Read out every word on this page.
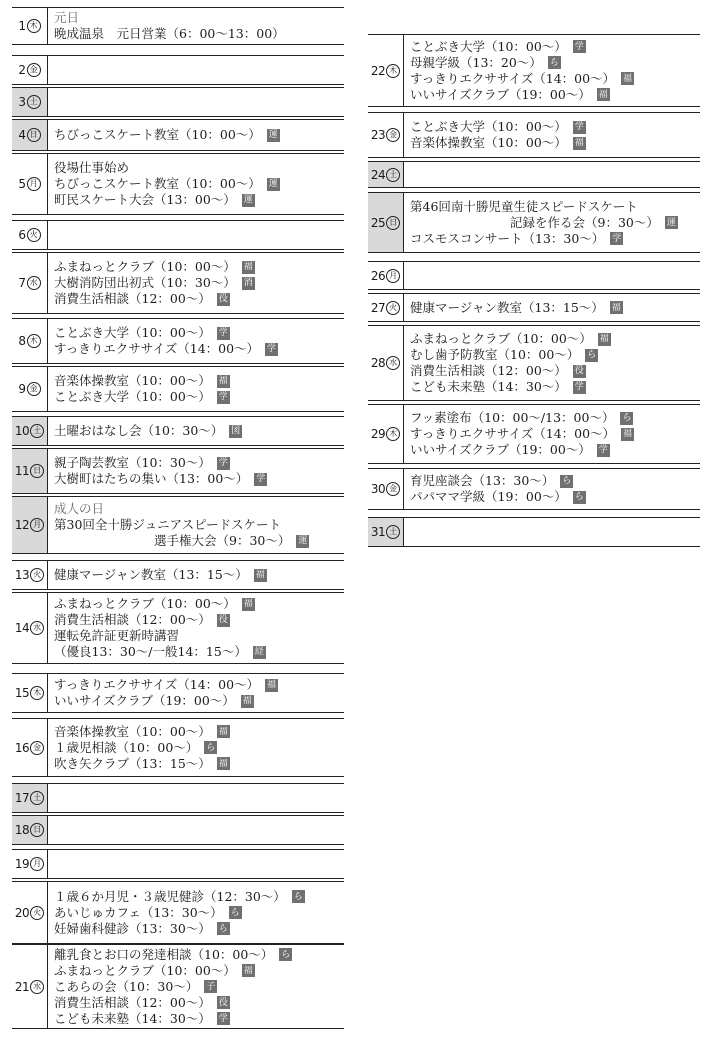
1 木
元日
晩成温泉　元日営業（6：00～13：00）
2 金
3 土
4 日 ちびっこスケート教室（10：00～） 運
5 月
役場仕事始め
ちびっこスケート教室（10：00～） 運
町民スケート大会（13：00～） 運
6 火
7 水
ふまねっとクラブ（10：00～） 福
大樹消防団出初式（10：30～） 消
消費生活相談（12：00～） 役
8 木
ことぶき大学（10：00～） 学
すっきりエクササイズ（14：00～） 学
9 金
音楽体操教室（10：00～） 福
ことぶき大学（10：00～） 学
10 土 土曜おはなし会（10：30～） 図
11 日
親子陶芸教室（10：30～） 学
大樹町はたちの集い（13：00～） 学
12 月
成人の日
第30回全十勝ジュニアスピードスケート
選手権大会（9：30～） 運
13 火 健康マージャン教室（13：15～） 福
14 水
ふまねっとクラブ（10：00～） 福
消費生活相談（12：00～） 役
運転免許証更新時講習
（優良13：30～/一般14：15～） 経
15 木
すっきりエクササイズ（14：00～） 福
いいサイズクラブ（19：00～） 福
16 金
音楽体操教室（10：00～） 福
１歳児相談（10：00～） ら
吹き矢クラブ（13：15～） 福
17 土
18 日
19 月
20 火
１歳６か月児・３歳児健診（12：30～） ら
あいじゅカフェ（13：30～） ら
妊婦歯科健診（13：30～） ら
21 水
離乳食とお口の発達相談（10：00～） ら
ふまねっとクラブ（10：00～） 福
こあらの会（10：30～） 子
消費生活相談（12：00～） 役
こども未来塾（14：30～） 学
22 木
ことぶき大学（10：00～） 学
母親学級（13：20～） ら
すっきりエクササイズ（14：00～） 福
いいサイズクラブ（19：00～） 福
23 金
ことぶき大学（10：00～） 学
音楽体操教室（10：00～） 福
24 土
25 日
第46回南十勝児童生徒スピードスケート
記録を作る会（9：30～） 運
コスモスコンサート（13：30～） 学
26 月
27 火 健康マージャン教室（13：15～） 福
28 水
ふまねっとクラブ（10：00～） 福
むし歯予防教室（10：00～） ら
消費生活相談（12：00～） 役
こども未来塾（14：30～） 学
29 木
フッ素塗布（10：00～/13：00～） ら
すっきりエクササイズ（14：00～） 福
いいサイズクラブ（19：00～） 学
30 金
育児座談会（13：30～） ら
パパママ学級（19：00～） ら
31 土
